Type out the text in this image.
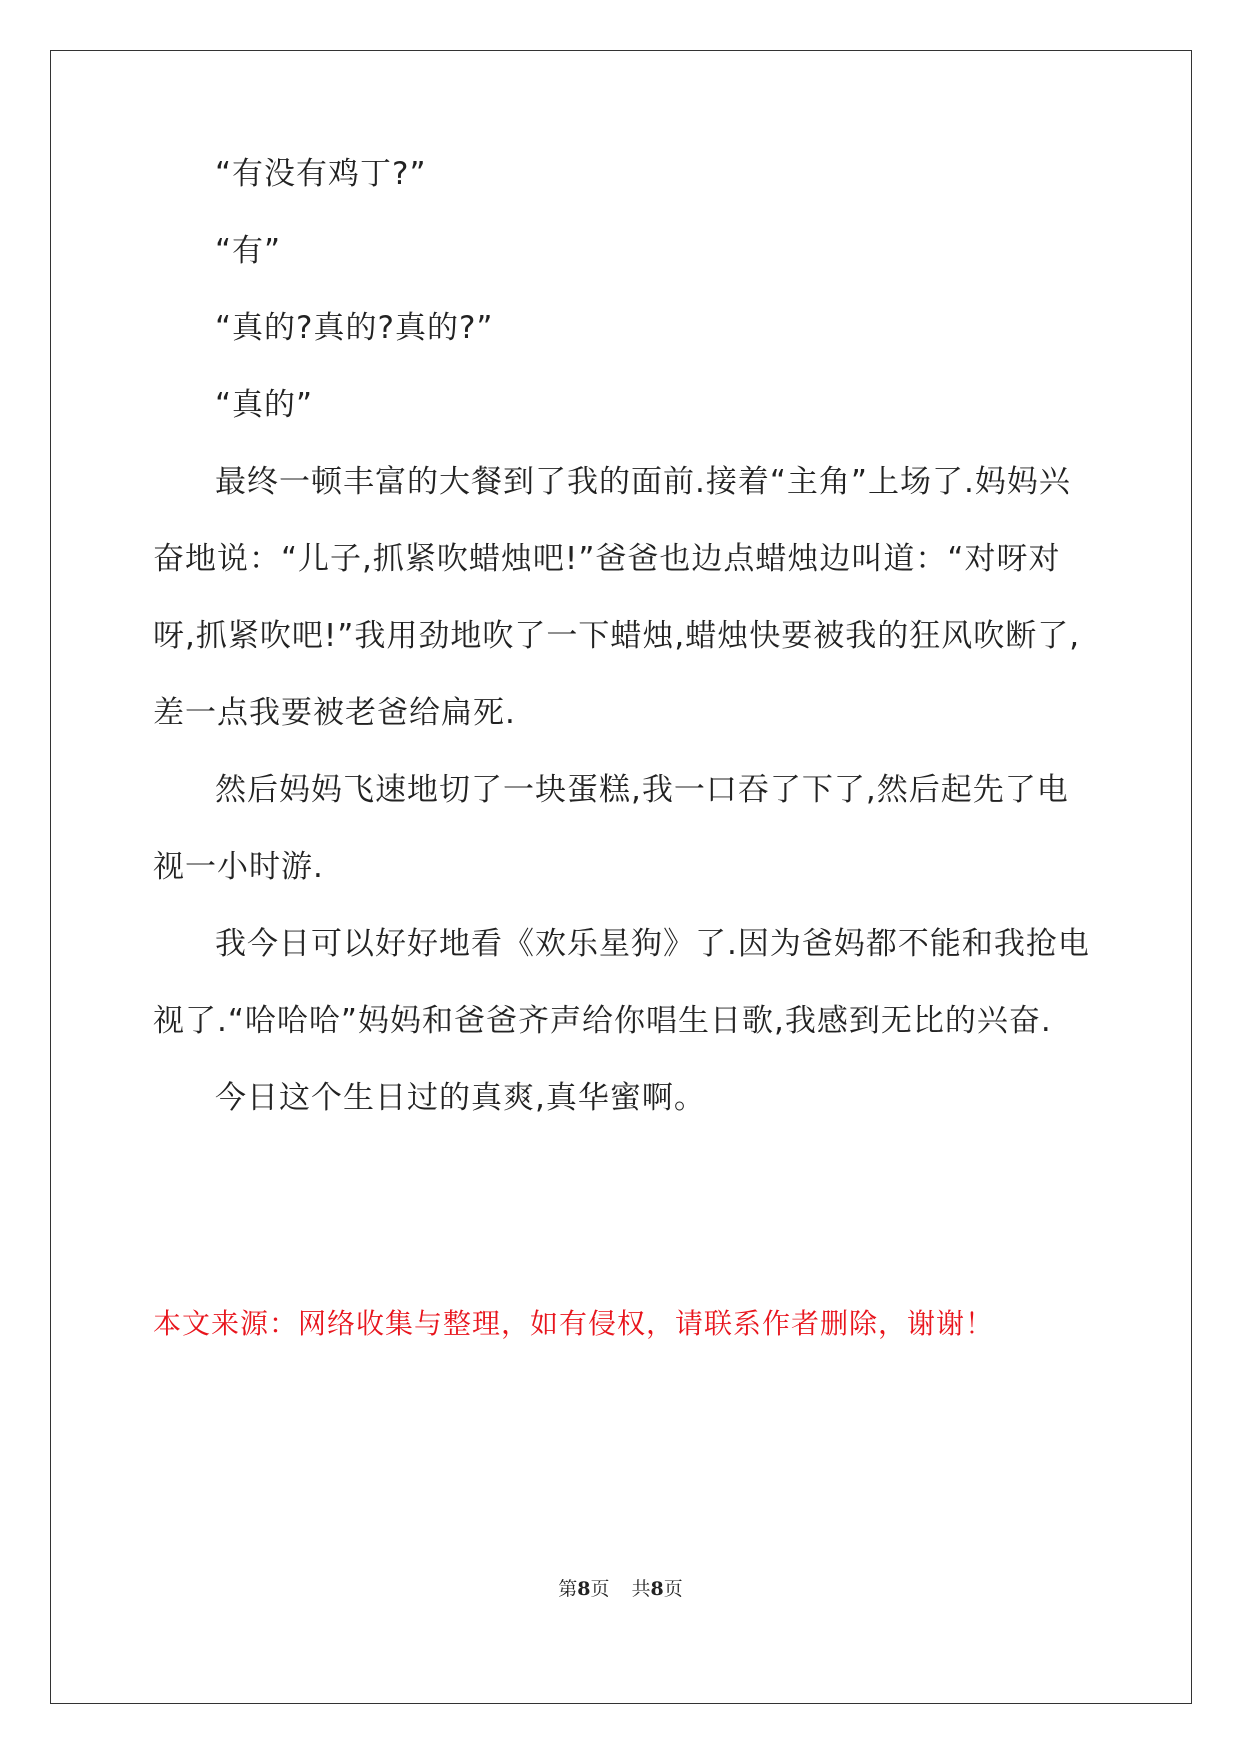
“有没有鸡丁?”

“有”

“真的?真的?真的?”

“真的”

最终一顿丰富的大餐到了我的面前.接着“主角”上场了.妈妈兴奋地说：“儿子,抓紧吹蜡烛吧!”爸爸也边点蜡烛边叫道：“对呀对呀,抓紧吹吧!”我用劲地吹了一下蜡烛,蜡烛快要被我的狂风吹断了,差一点我要被老爸给扁死.

然后妈妈飞速地切了一块蛋糕,我一口吞了下了,然后起先了电视一小时游.

我今日可以好好地看《欢乐星狗》了.因为爸妈都不能和我抢电视了.“哈哈哈”妈妈和爸爸齐声给你唱生日歌,我感到无比的兴奋.

今日这个生日过的真爽,真华蜜啊。

本文来源：网络收集与整理，如有侵权，请联系作者删除，谢谢！

第8页 共8页
